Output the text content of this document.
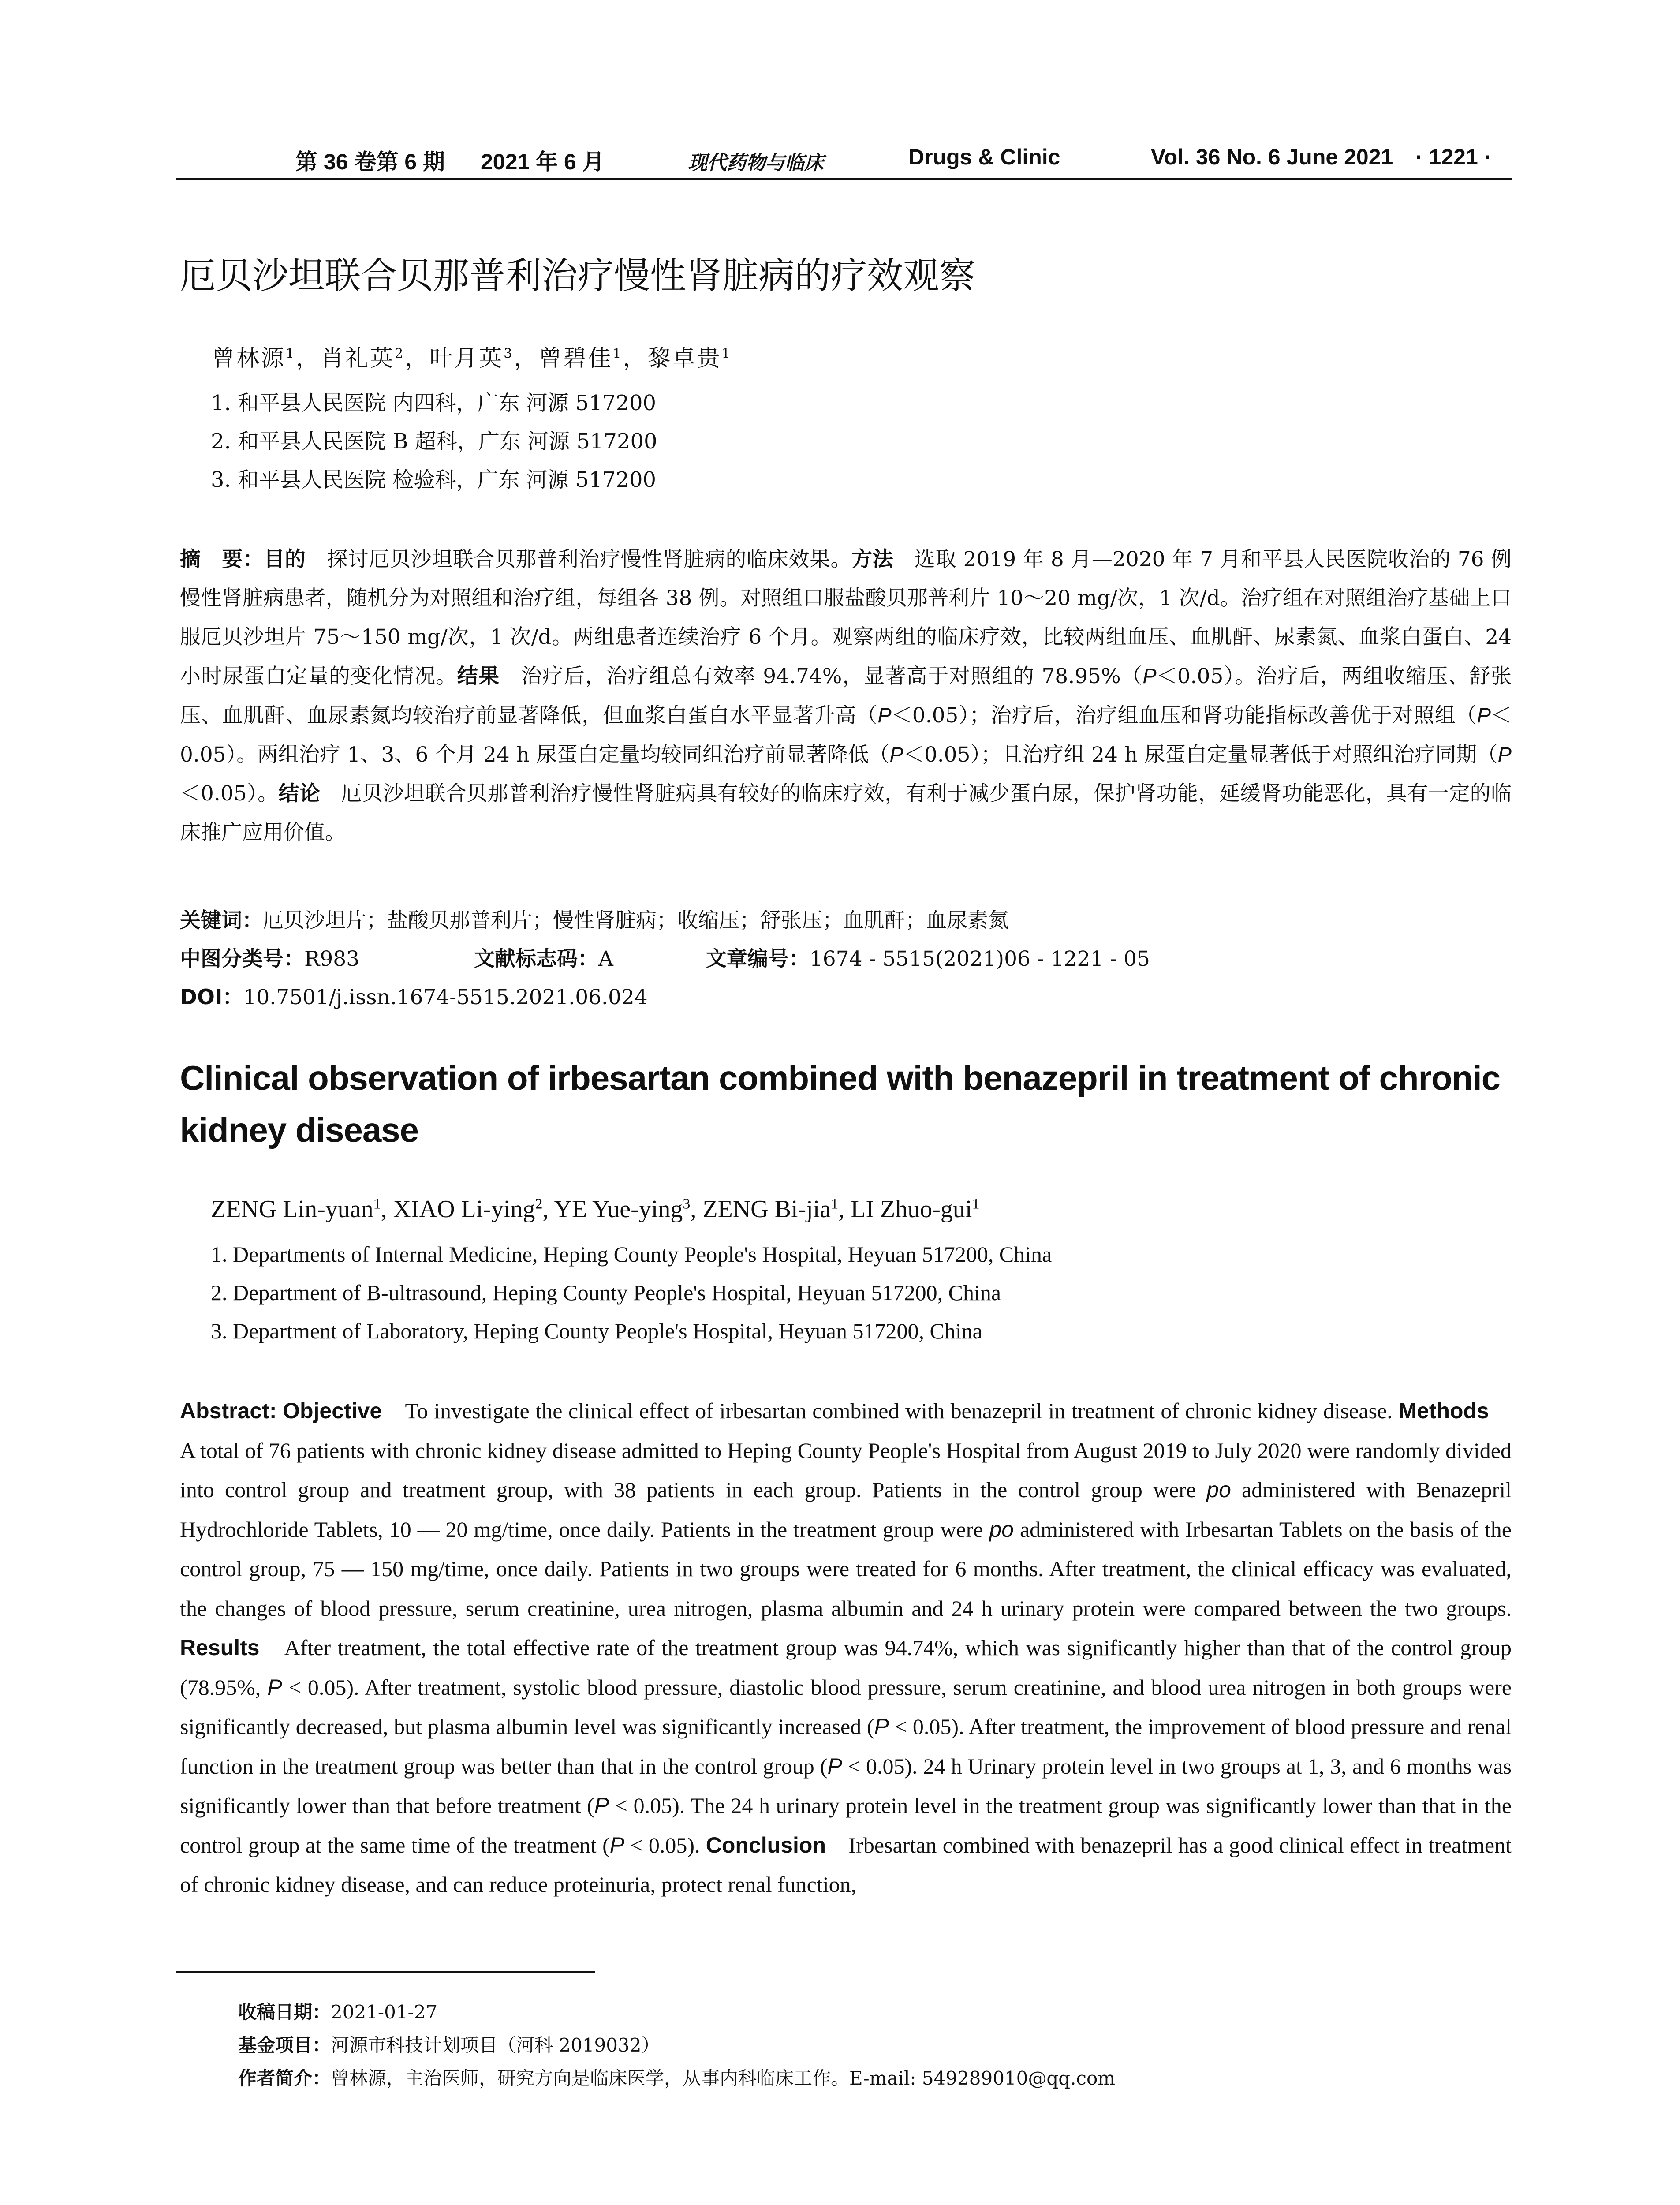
第 36 卷第 6 期 2021 年 6 月	现代药物与临床	Drugs & Clinic	Vol. 36 No. 6 June 2021 · 1221 ·
厄贝沙坦联合贝那普利治疗慢性肾脏病的疗效观察
曾林源$^1$，肖礼英$^2$，叶月英$^3$，曾碧佳$^1$，黎卓贵$^1$
1. 和平县人民医院 内四科，广东 河源 517200
2. 和平县人民医院 B 超科，广东 河源 517200
3. 和平县人民医院 检验科，广东 河源 517200
摘　要：目的　探讨厄贝沙坦联合贝那普利治疗慢性肾脏病的临床效果。方法　选取 2019 年 8 月—2020 年 7 月和平县人民医院收治的 76 例慢性肾脏病患者，随机分为对照组和治疗组，每组各 38 例。对照组口服盐酸贝那普利片 10～20 mg/次，1 次/d。治疗组在对照组治疗基础上口服厄贝沙坦片 75～150 mg/次，1 次/d。两组患者连续治疗 6 个月。观察两组的临床疗效，比较两组血压、血肌酐、尿素氮、血浆白蛋白、24 小时尿蛋白定量的变化情况。结果　治疗后，治疗组总有效率 94.74%，显著高于对照组的 78.95%（P＜0.05）。治疗后，两组收缩压、舒张压、血肌酐、血尿素氮均较治疗前显著降低，但血浆白蛋白水平显著升高（P＜0.05）；治疗后，治疗组血压和肾功能指标改善优于对照组（P＜0.05）。两组治疗 1、3、6 个月 24 h 尿蛋白定量均较同组治疗前显著降低（P＜0.05）；且治疗组 24 h 尿蛋白定量显著低于对照组治疗同期（P＜0.05）。结论　厄贝沙坦联合贝那普利治疗慢性肾脏病具有较好的临床疗效，有利于减少蛋白尿，保护肾功能，延缓肾功能恶化，具有一定的临床推广应用价值。
关键词：厄贝沙坦片；盐酸贝那普利片；慢性肾脏病；收缩压；舒张压；血肌酐；血尿素氮
中图分类号：R983	文献标志码：A	文章编号：1674 - 5515(2021)06 - 1221 - 05
DOI：10.7501/j.issn.1674-5515.2021.06.024
Clinical observation of irbesartan combined with benazepril in treatment of chronic kidney disease
ZENG Lin-yuan$^1$, XIAO Li-ying$^2$, YE Yue-ying$^3$, ZENG Bi-jia$^1$, LI Zhuo-gui$^1$
1. Departments of Internal Medicine, Heping County People's Hospital, Heyuan 517200, China
2. Department of B-ultrasound, Heping County People's Hospital, Heyuan 517200, China
3. Department of Laboratory, Heping County People's Hospital, Heyuan 517200, China
Abstract: Objective　To investigate the clinical effect of irbesartan combined with benazepril in treatment of chronic kidney disease. Methods　A total of 76 patients with chronic kidney disease admitted to Heping County People's Hospital from August 2019 to July 2020 were randomly divided into control group and treatment group, with 38 patients in each group. Patients in the control group were po administered with Benazepril Hydrochloride Tablets, 10 — 20 mg/time, once daily. Patients in the treatment group were po administered with Irbesartan Tablets on the basis of the control group, 75 — 150 mg/time, once daily. Patients in two groups were treated for 6 months. After treatment, the clinical efficacy was evaluated, the changes of blood pressure, serum creatinine, urea nitrogen, plasma albumin and 24 h urinary protein were compared between the two groups. Results　After treatment, the total effective rate of the treatment group was 94.74%, which was significantly higher than that of the control group (78.95%, P < 0.05). After treatment, systolic blood pressure, diastolic blood pressure, serum creatinine, and blood urea nitrogen in both groups were significantly decreased, but plasma albumin level was significantly increased (P < 0.05). After treatment, the improvement of blood pressure and renal function in the treatment group was better than that in the control group (P < 0.05). 24 h Urinary protein level in two groups at 1, 3, and 6 months was significantly lower than that before treatment (P < 0.05). The 24 h urinary protein level in the treatment group was significantly lower than that in the control group at the same time of the treatment (P < 0.05). Conclusion　Irbesartan combined with benazepril has a good clinical effect in treatment of chronic kidney disease, and can reduce proteinuria, protect renal function,
收稿日期：2021-01-27
基金项目：河源市科技计划项目（河科 2019032）
作者简介：曾林源，主治医师，研究方向是临床医学，从事内科临床工作。E-mail: 549289010@qq.com
